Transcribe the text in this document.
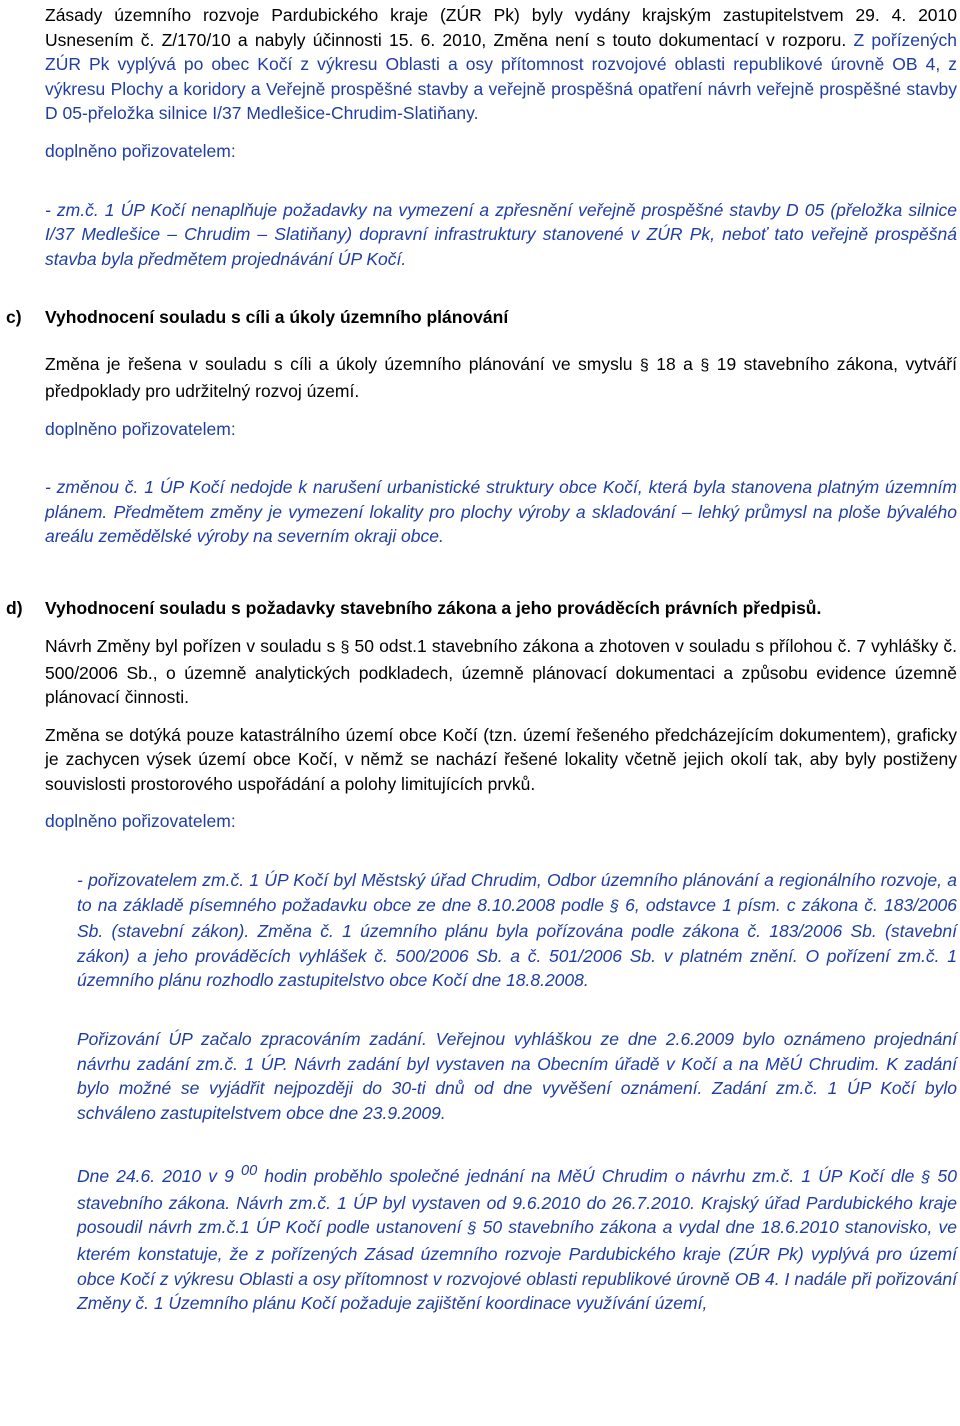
Zásady územního rozvoje Pardubického kraje (ZÚR Pk) byly vydány krajským zastupitelstvem 29. 4. 2010 Usnesením č. Z/170/10 a nabyly účinnosti 15. 6. 2010, Změna není s touto dokumentací v rozporu. Z pořízených ZÚR Pk vyplývá po obec Kočí z výkresu Oblasti a osy přítomnost rozvojové oblasti republikové úrovně OB 4, z výkresu Plochy a koridory a Veřejně prospěšné stavby a veřejně prospěšná opatření návrh veřejně prospěšné stavby D 05-přeložka silnice I/37 Medlešice-Chrudim-Slatiňany.

doplněno pořizovatelem:

- zm.č. 1 ÚP Kočí nenaplňuje požadavky na vymezení a zpřesnění veřejně prospěšné stavby D 05 (přeložka silnice I/37 Medlešice – Chrudim – Slatiňany) dopravní infrastruktury stanovené v ZÚR Pk, neboť tato veřejně prospěšná stavba byla předmětem projednávání ÚP Kočí.

c) Vyhodnocení souladu s cíli a úkoly územního plánování

Změna je řešena v souladu s cíli a úkoly územního plánování ve smyslu § 18 a § 19 stavebního zákona, vytváří předpoklady pro udržitelný rozvoj území.

doplněno pořizovatelem:

- změnou č. 1 ÚP Kočí nedojde k narušení urbanistické struktury obce Kočí, která byla stanovena platným územním plánem. Předmětem změny je vymezení lokality pro plochy výroby a skladování – lehký průmysl na ploše bývalého areálu zemědělské výroby na severním okraji obce.

d) Vyhodnocení souladu s požadavky stavebního zákona a jeho prováděcích právních předpisů.

Návrh Změny byl pořízen v souladu s § 50 odst.1 stavebního zákona a zhotoven v souladu s přílohou č. 7 vyhlášky č. 500/2006 Sb., o územně analytických podkladech, územně plánovací dokumentaci a způsobu evidence územně plánovací činnosti.

Změna se dotýká pouze katastrálního území obce Kočí (tzn. území řešeného předcházejícím dokumentem), graficky je zachycen výsek území obce Kočí, v němž se nachází řešené lokality včetně jejich okolí tak, aby byly postiženy souvislosti prostorového uspořádání a polohy limitujících prvků.

doplněno pořizovatelem:

- pořizovatelem zm.č. 1 ÚP Kočí byl Městský úřad Chrudim, Odbor územního plánování a regionálního rozvoje, a to na základě písemného požadavku obce ze dne 8.10.2008 podle § 6, odstavce 1 písm. c zákona č. 183/2006 Sb. (stavební zákon). Změna č. 1 územního plánu byla pořízována podle zákona č. 183/2006 Sb. (stavební zákon) a jeho prováděcích vyhlášek č. 500/2006 Sb. a č. 501/2006 Sb. v platném znění. O pořízení zm.č. 1 územního plánu rozhodlo zastupitelstvo obce Kočí dne 18.8.2008.

Pořizování ÚP začalo zpracováním zadání. Veřejnou vyhláškou ze dne 2.6.2009 bylo oznámeno projednání návrhu zadání zm.č. 1 ÚP. Návrh zadání byl vystaven na Obecním úřadě v Kočí a na MěÚ Chrudim. K zadání bylo možné se vyjádřit nejpozději do 30-ti dnů od dne vyvěšení oznámení. Zadání zm.č. 1 ÚP Kočí bylo schváleno zastupitelstvem obce dne 23.9.2009.

Dne 24.6. 2010 v 9 $^{00}$ hodin proběhlo společné jednání na MěÚ Chrudim o návrhu zm.č. 1 ÚP Kočí dle § 50 stavebního zákona. Návrh zm.č. 1 ÚP byl vystaven od 9.6.2010 do 26.7.2010. Krajský úřad Pardubického kraje posoudil návrh zm.č.1 ÚP Kočí podle ustanovení § 50 stavebního zákona a vydal dne 18.6.2010 stanovisko, ve kterém konstatuje, že z pořízených Zásad územního rozvoje Pardubického kraje (ZÚR Pk) vyplývá pro území obce Kočí z výkresu Oblasti a osy přítomnost v rozvojové oblasti republikové úrovně OB 4. I nadále při pořizování Změny č. 1 Územního plánu Kočí požaduje zajištění koordinace využívání území,
